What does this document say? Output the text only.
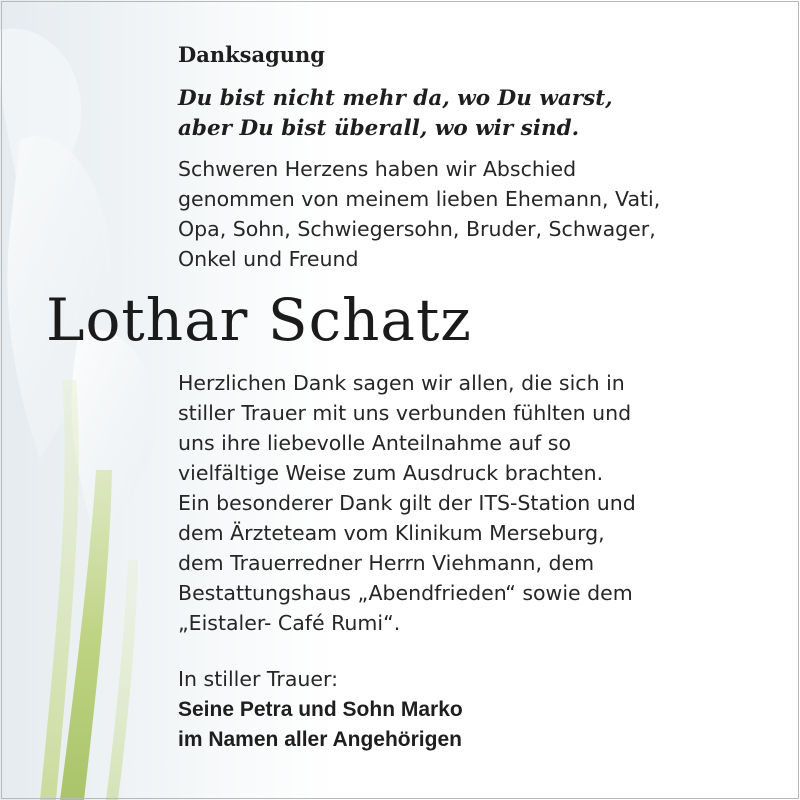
Danksagung
Du bist nicht mehr da, wo Du warst,
aber Du bist überall, wo wir sind.
Schweren Herzens haben wir Abschied
genommen von meinem lieben Ehemann, Vati,
Opa, Sohn, Schwiegersohn, Bruder, Schwager,
Onkel und Freund
Lothar Schatz
Herzlichen Dank sagen wir allen, die sich in
stiller Trauer mit uns verbunden fühlten und
uns ihre liebevolle Anteilnahme auf so
vielfältige Weise zum Ausdruck brachten.
Ein besonderer Dank gilt der ITS-Station und
dem Ärzteteam vom Klinikum Merseburg,
dem Trauerredner Herrn Viehmann, dem
Bestattungshaus „Abendfrieden“ sowie dem
„Eistaler- Café Rumi“.
In stiller Trauer:
Seine Petra und Sohn Marko
im Namen aller Angehörigen
